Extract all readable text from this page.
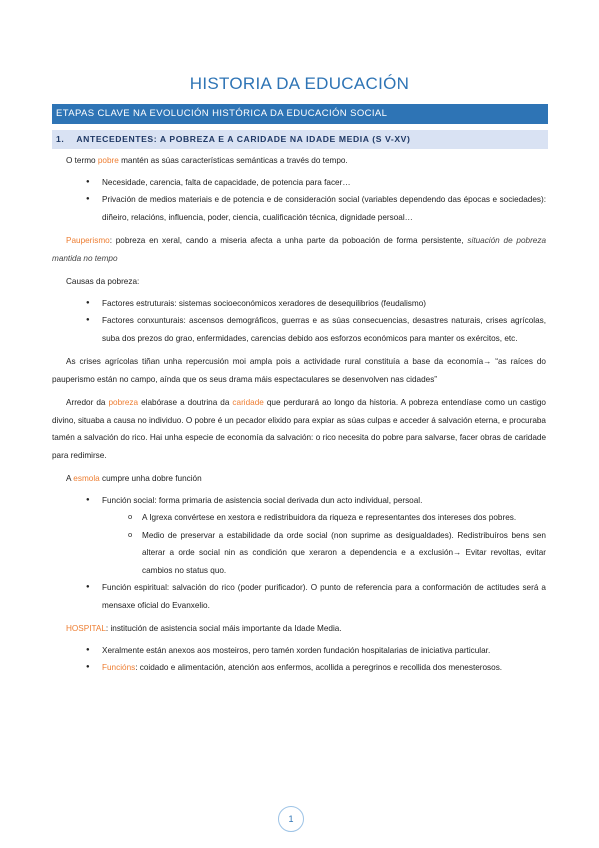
HISTORIA DA EDUCACIÓN
ETAPAS CLAVE NA EVOLUCIÓN HISTÓRICA DA EDUCACIÓN SOCIAL
1. ANTECEDENTES: A POBREZA E A CARIDADE NA IDADE MEDIA (S V-XV)

O termo pobre mantén as súas características semánticas a través do tempo.

● Necesidade, carencia, falta de capacidade, de potencia para facer…
● Privación de medios materiais e de potencia e de consideración social (variables dependendo das épocas e sociedades): diñeiro, relacións, influencia, poder, ciencia, cualificación técnica, dignidade persoal…

Pauperismo: pobreza en xeral, cando a miseria afecta a unha parte da poboación de forma persistente, situación de pobreza mantida no tempo

Causas da pobreza:

● Factores estruturais: sistemas socioeconómicos xeradores de desequilibrios (feudalismo)
● Factores conxunturais: ascensos demográficos, guerras e as súas consecuencias, desastres naturais, crises agrícolas, suba dos prezos do grao, enfermidades, carencias debido aos esforzos económicos para manter os exércitos, etc.

As crises agrícolas tiñan unha repercusión moi ampla pois a actividade rural constituía a base da economía→ “as raíces do pauperismo están no campo, aínda que os seus drama máis espectaculares se desenvolven nas cidades”

Arredor da pobreza elabórase a doutrina da caridade que perdurará ao longo da historia. A pobreza entendíase como un castigo divino, situaba a causa no individuo. O pobre é un pecador elixido para expiar as súas culpas e acceder á salvación eterna, e procuraba tamén a salvación do rico. Hai unha especie de economía da salvación: o rico necesita do pobre para salvarse, facer obras de caridade para redimirse.

A esmola cumpre unha dobre función

● Función social: forma primaria de asistencia social derivada dun acto individual, persoal.
o A Igrexa convértese en xestora e redistribuidora da riqueza e representantes dos intereses dos pobres.
o Medio de preservar a estabilidade da orde social (non suprime as desigualdades). Redistribuíros bens sen alterar a orde social nin as condición que xeraron a dependencia e a exclusión→ Evitar revoltas, evitar cambios no status quo.
● Función espiritual: salvación do rico (poder purificador). O punto de referencia para a conformación de actitudes será a mensaxe oficial do Evanxelio.

HOSPITAL: institución de asistencia social máis importante da Idade Media.

● Xeralmente están anexos aos mosteiros, pero tamén xorden fundación hospitalarias de iniciativa particular.
● Funcións: coidado e alimentación, atención aos enfermos, acollida a peregrinos e recollida dos menesterosos.
1
